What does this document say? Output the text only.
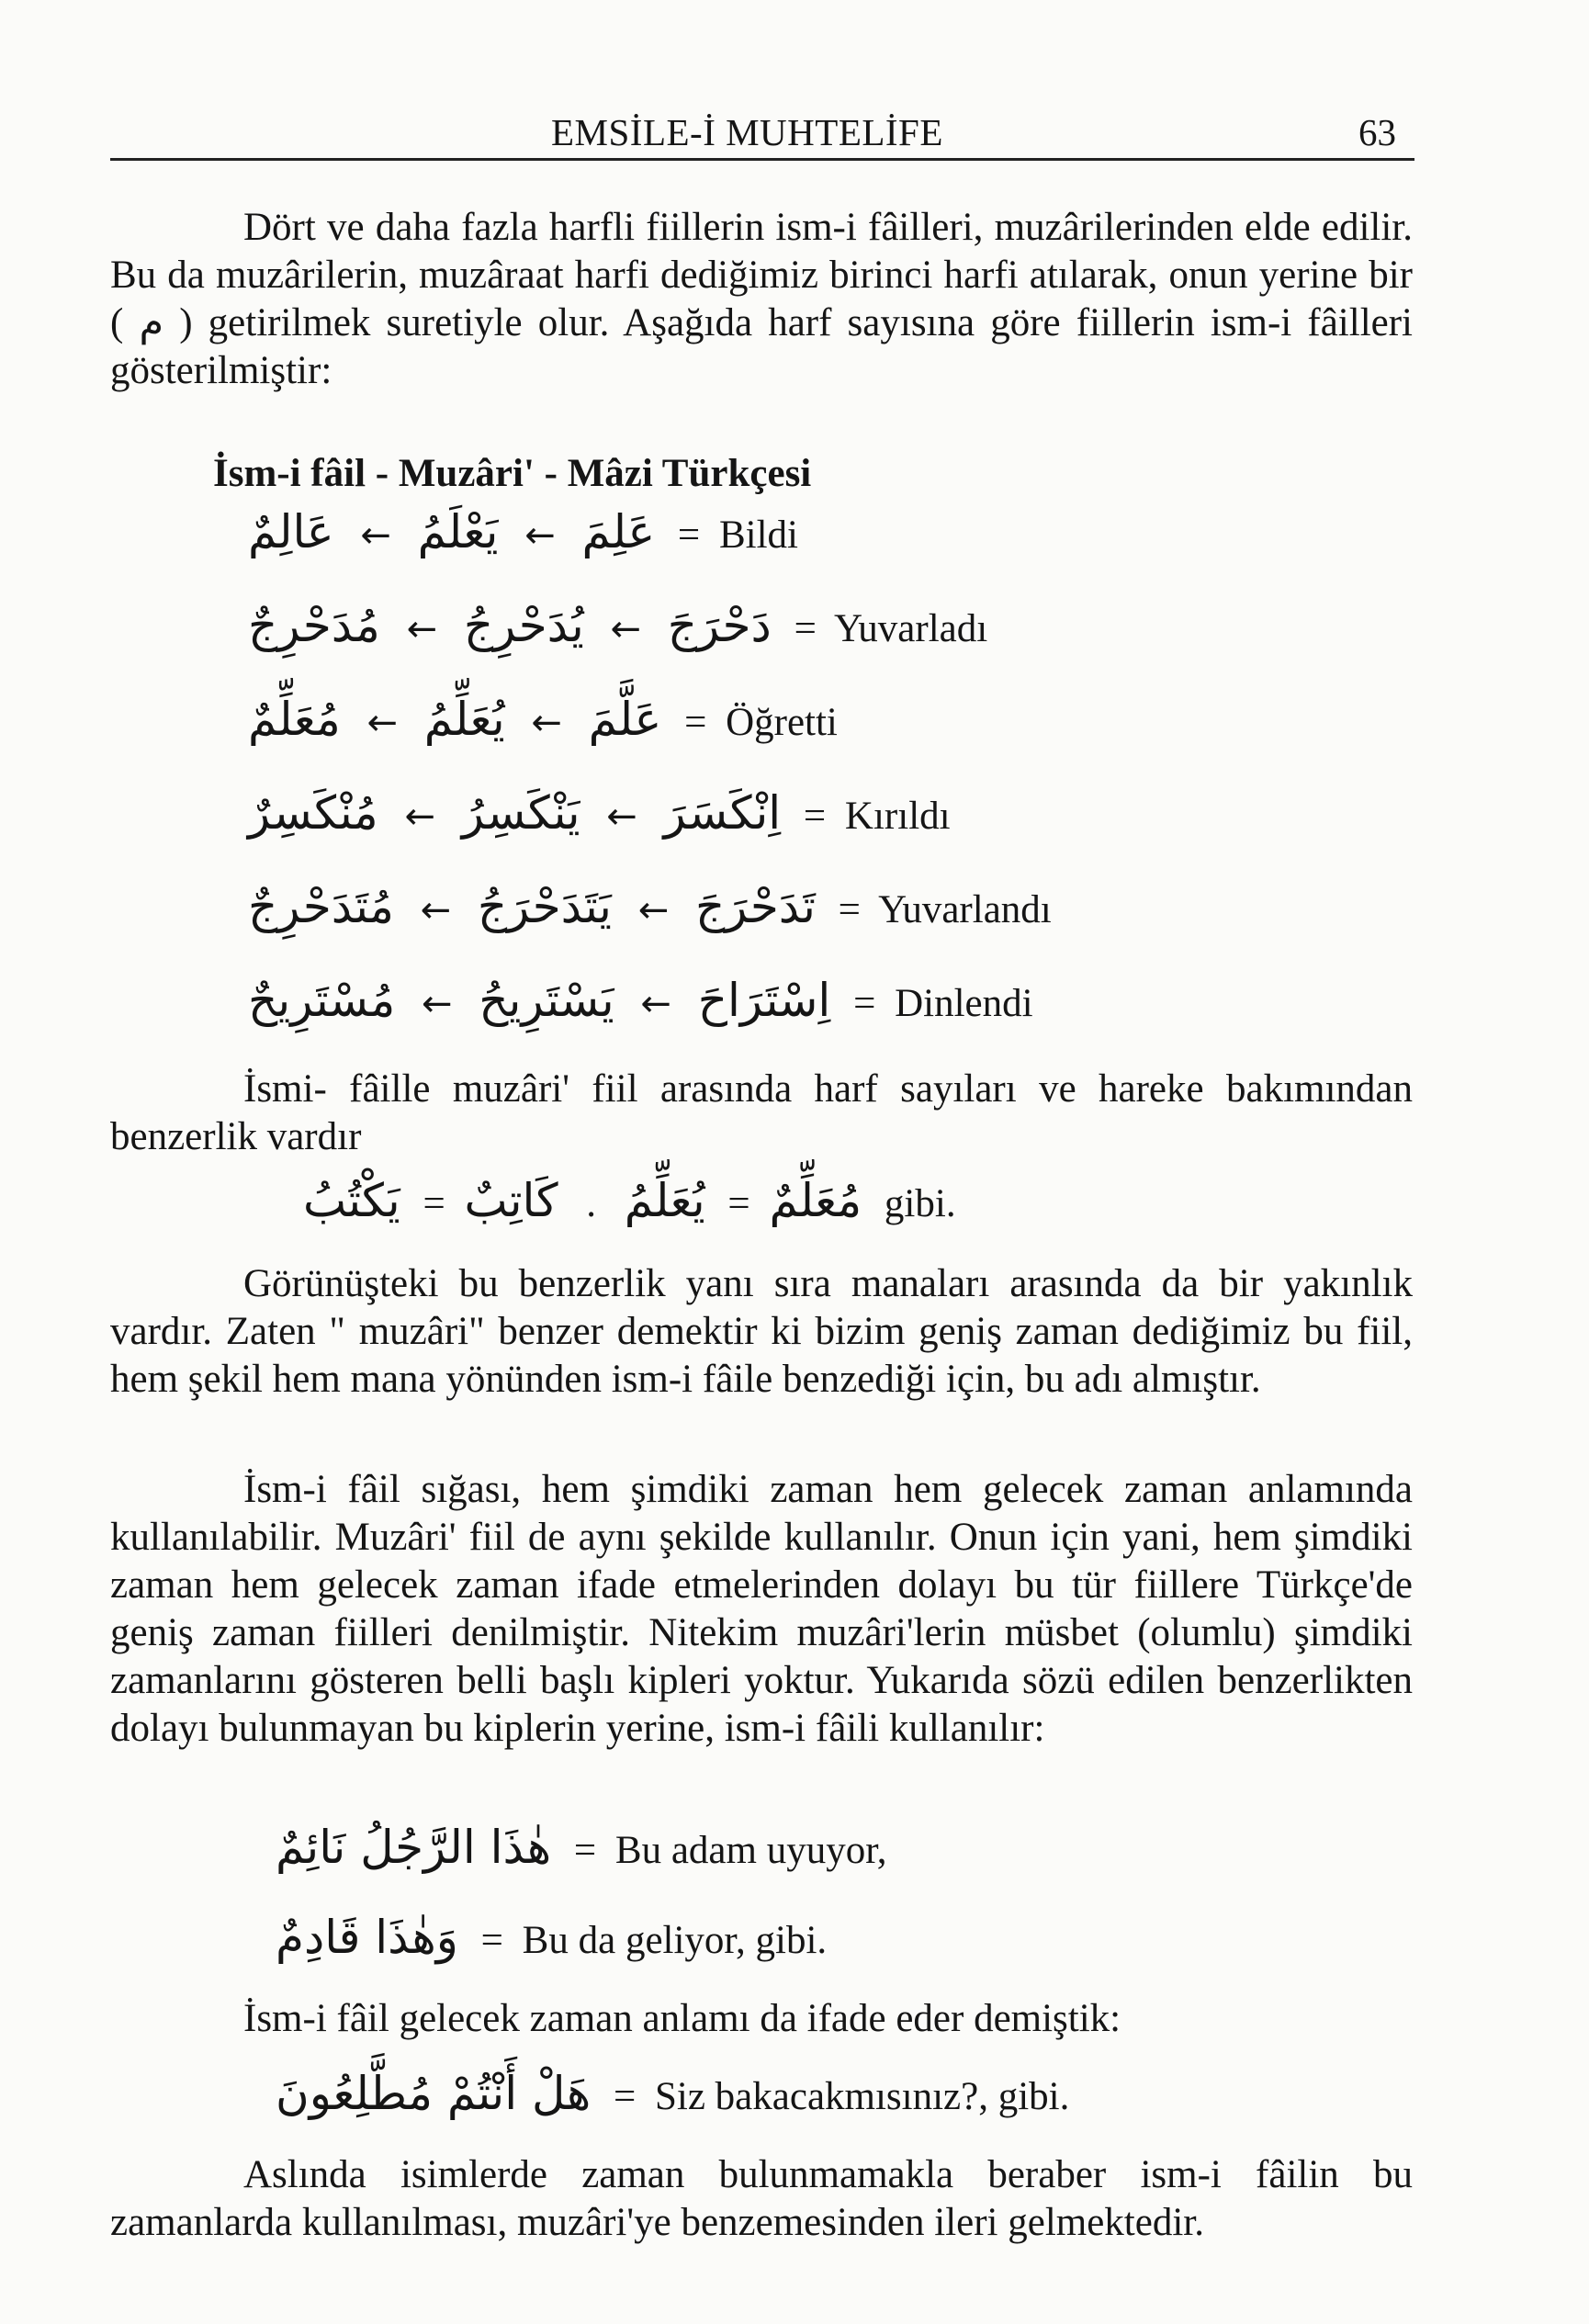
EMSİLE-İ MUHTELİFE	63
Dört ve daha fazla harfli fiillerin ism-i fâilleri, muzârilerinden elde edilir. Bu da muzârilerin, muzâraat harfi dediğimiz birinci harfi atılarak, onun yerine bir ( م ) getirilmek suretiyle olur. Aşağıda harf sayısına göre fiillerin ism-i fâilleri gösterilmiştir:
İsm-i fâil - Muzâri' - Mâzi Türkçesi
عَالِمٌ ← يَعْلَمُ ← عَلِمَ = Bildi
مُدَحْرِجٌ ← يُدَحْرِجُ ← دَحْرَجَ = Yuvarladı
مُعَلِّمٌ ← يُعَلِّمُ ← عَلَّمَ = Öğretti
مُنْكَسِرٌ ← يَنْكَسِرُ ← اِنْكَسَرَ = Kırıldı
مُتَدَحْرِجٌ ← يَتَدَحْرَجُ ← تَدَحْرَجَ = Yuvarlandı
مُسْتَرِيحٌ ← يَسْتَرِيحُ ← اِسْتَرَاحَ = Dinlendi
İsmi- fâille muzâri' fiil arasında harf sayıları ve hareke bakımından benzerlik vardır
يَكْتُبُ = كَاتِبٌ . يُعَلِّمُ = مُعَلِّمٌ gibi.
Görünüşteki bu benzerlik yanı sıra manaları arasında da bir yakınlık vardır. Zaten " muzâri" benzer demektir ki bizim geniş zaman dediğimiz bu fiil, hem şekil hem mana yönünden ism-i fâile benzediği için, bu adı almıştır.
İsm-i fâil sığası, hem şimdiki zaman hem gelecek zaman anlamında kullanılabilir. Muzâri' fiil de aynı şekilde kullanılır. Onun için yani, hem şimdiki zaman hem gelecek zaman ifade etmelerinden dolayı bu tür fiillere Türkçe'de geniş zaman fiilleri denilmiştir. Nitekim muzâri'lerin müsbet (olumlu) şimdiki zamanlarını gösteren belli başlı kipleri yoktur. Yukarıda sözü edilen benzerlikten dolayı bulunmayan bu kiplerin yerine, ism-i fâili kullanılır:
هٰذَا الرَّجُلُ نَائِمٌ = Bu adam uyuyor,
وَهٰذَا قَادِمٌ = Bu da geliyor, gibi.
İsm-i fâil gelecek zaman anlamı da ifade eder demiştik:
هَلْ أَنْتُمْ مُطَّلِعُونَ = Siz bakacakmısınız?, gibi.
Aslında isimlerde zaman bulunmamakla beraber ism-i fâilin bu zamanlarda kullanılması, muzâri'ye benzemesinden ileri gelmektedir.
